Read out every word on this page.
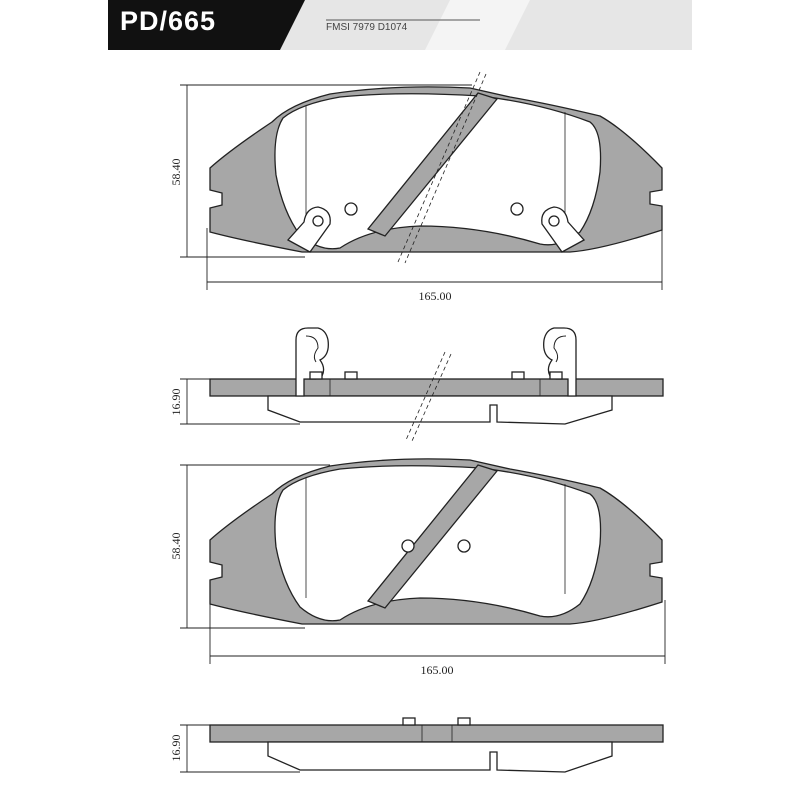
PD/665	FMSI 7979 D1074
58.40
165.00
16.90
58.40
165.00
16.90
